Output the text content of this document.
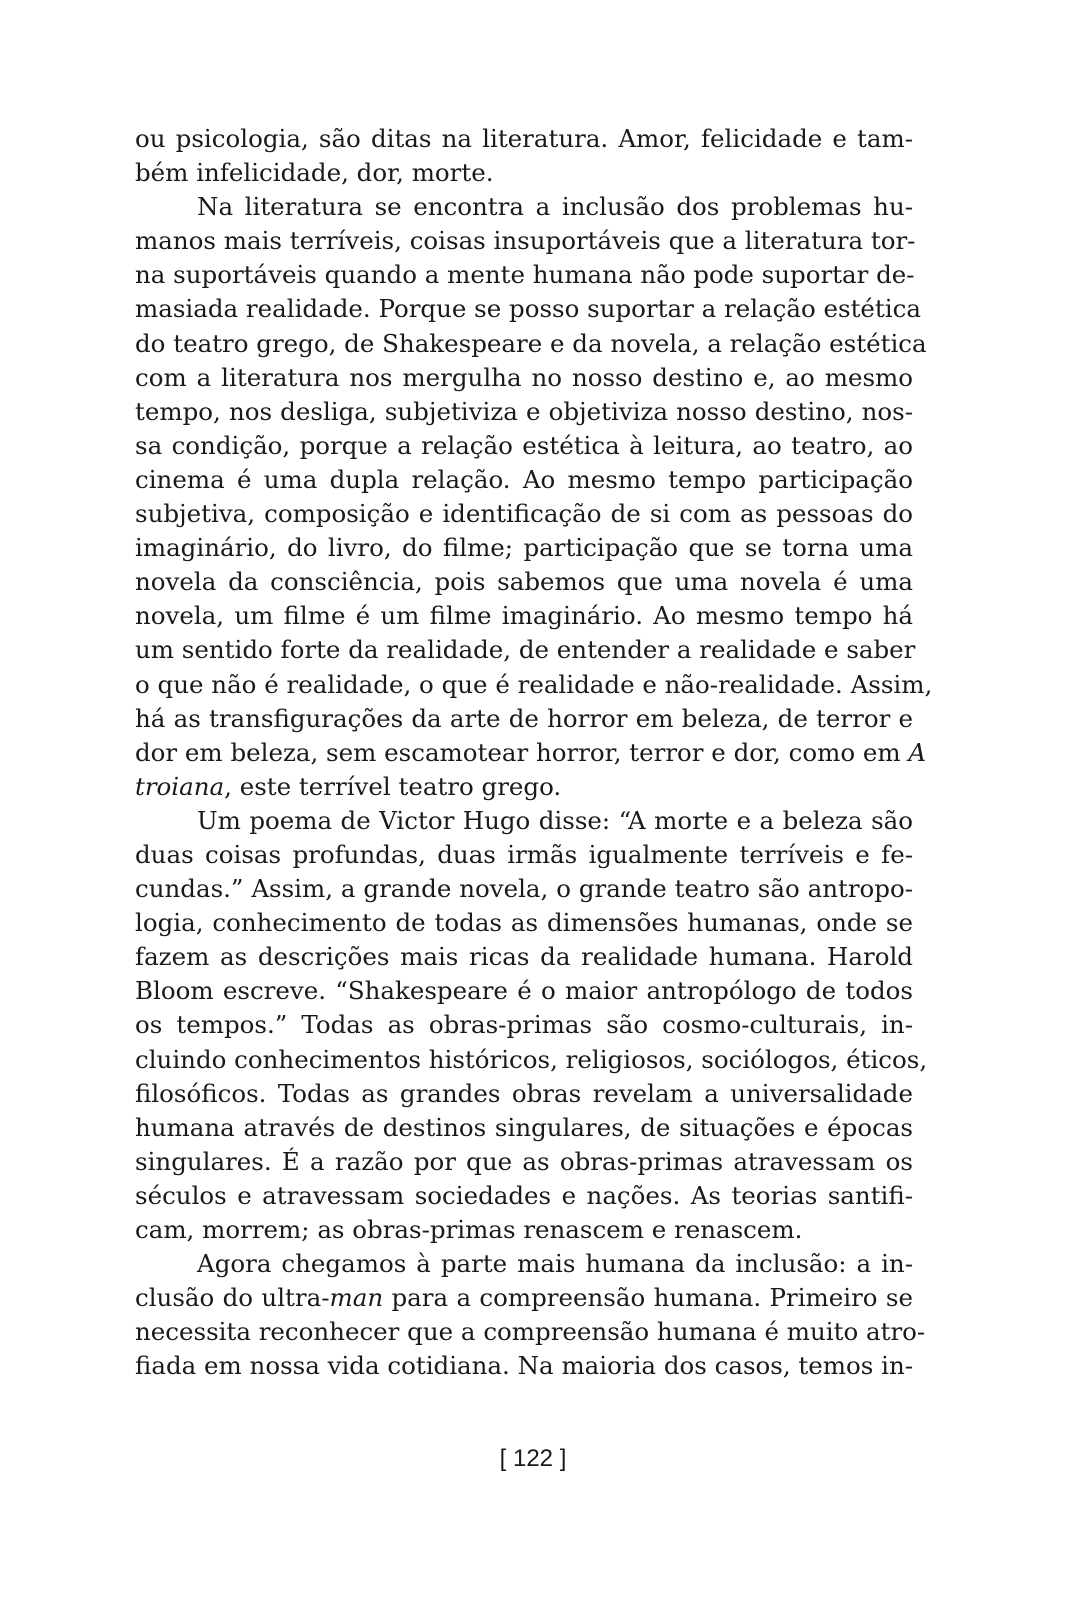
ou psicologia, são ditas na literatura. Amor, felicidade e tam-
bém infelicidade, dor, morte.
Na literatura se encontra a inclusão dos problemas hu-
manos mais terríveis, coisas insuportáveis que a literatura tor-
na suportáveis quando a mente humana não pode suportar de-
masiada realidade. Porque se posso suportar a relação estética
do teatro grego, de Shakespeare e da novela, a relação estética
com a literatura nos mergulha no nosso destino e, ao mesmo
tempo, nos desliga, subjetiviza e objetiviza nosso destino, nos-
sa condição, porque a relação estética à leitura, ao teatro, ao
cinema é uma dupla relação. Ao mesmo tempo participação
subjetiva, composição e identificação de si com as pessoas do
imaginário, do livro, do filme; participação que se torna uma
novela da consciência, pois sabemos que uma novela é uma
novela, um filme é um filme imaginário. Ao mesmo tempo há
um sentido forte da realidade, de entender a realidade e saber
o que não é realidade, o que é realidade e não-realidade. Assim,
há as transfigurações da arte de horror em beleza, de terror e
dor em beleza, sem escamotear horror, terror e dor, como em A
troiana, este terrível teatro grego.
Um poema de Victor Hugo disse: “A morte e a beleza são
duas coisas profundas, duas irmãs igualmente terríveis e fe-
cundas.” Assim, a grande novela, o grande teatro são antropo-
logia, conhecimento de todas as dimensões humanas, onde se
fazem as descrições mais ricas da realidade humana. Harold
Bloom escreve. “Shakespeare é o maior antropólogo de todos
os tempos.” Todas as obras-primas são cosmo-culturais, in-
cluindo conhecimentos históricos, religiosos, sociólogos, éticos,
filosóficos. Todas as grandes obras revelam a universalidade
humana através de destinos singulares, de situações e épocas
singulares. É a razão por que as obras-primas atravessam os
séculos e atravessam sociedades e nações. As teorias santifi-
cam, morrem; as obras-primas renascem e renascem.
Agora chegamos à parte mais humana da inclusão: a in-
clusão do ultra-man para a compreensão humana. Primeiro se
necessita reconhecer que a compreensão humana é muito atro-
fiada em nossa vida cotidiana. Na maioria dos casos, temos in-
[ 122 ]
